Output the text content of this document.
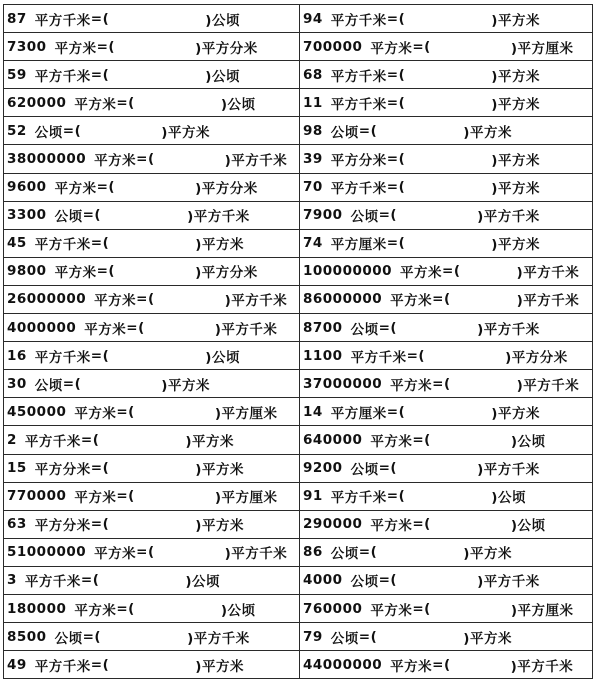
87 平方千米 =( )公顷	94 平方千米 =( )平方米

7300 平方米 =( )平方分米	700000 平方米 =( )平方厘米

59 平方千米 =( )公顷	68 平方千米 =( )平方米

620000 平方米 =( )公顷	11 平方千米 =( )平方米

52 公顷 =( )平方米	98 公顷 =( )平方米

38000000 平方米 =( )平方千米	39 平方分米 =( )平方米

9600 平方米 =( )平方分米	70 平方千米 =( )平方米

3300 公顷 =( )平方千米	7900 公顷 =( )平方千米

45 平方千米 =( )平方米	74 平方厘米 =( )平方米

9800 平方米 =( )平方分米	100000000 平方米 =( )平方千米

26000000 平方米 =( )平方千米	86000000 平方米 =( )平方千米

4000000 平方米 =( )平方千米	8700 公顷 =( )平方千米

16 平方千米 =( )公顷	1100 平方千米 =( )平方分米

30 公顷 =( )平方米	37000000 平方米 =( )平方千米

450000 平方米 =( )平方厘米	14 平方厘米 =( )平方米

2 平方千米 =( )平方米	640000 平方米 =( )公顷

15 平方分米 =( )平方米	9200 公顷 =( )平方千米

770000 平方米 =( )平方厘米	91 平方千米 =( )公顷

63 平方分米 =( )平方米	290000 平方米 =( )公顷

51000000 平方米 =( )平方千米	86 公顷 =( )平方米

3 平方千米 =( )公顷	4000 公顷 =( )平方千米

180000 平方米 =( )公顷	760000 平方米 =( )平方厘米

8500 公顷 =( )平方千米	79 公顷 =( )平方米

49 平方千米 =( )平方米	44000000 平方米 =( )平方千米
